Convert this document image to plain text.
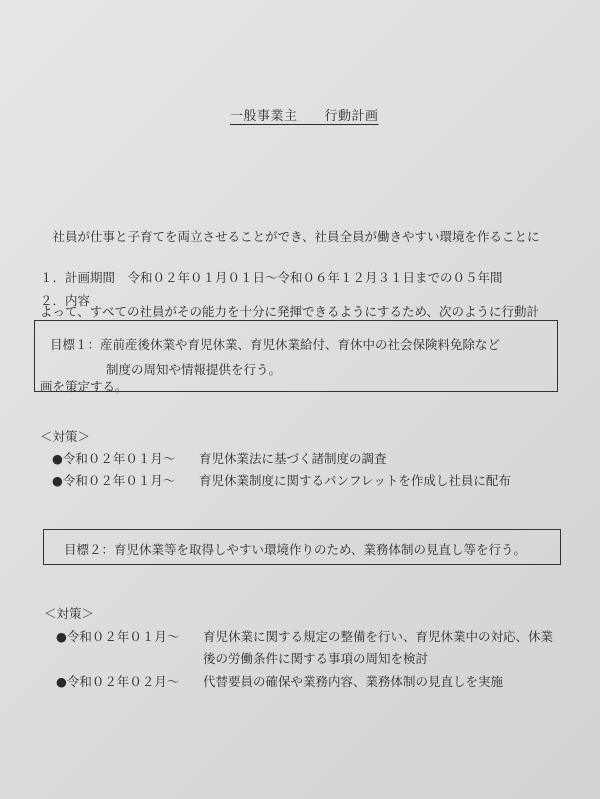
一般事業主　　行動計画

　社員が仕事と子育てを両立させることができ、社員全員が働きやすい環境を作ることに

よって、すべての社員がその能力を十分に発揮できるようにするため、次のように行動計

画を策定する。

１．計画期間　令和０２年０１月０１日～令和０６年１２月３１日までの０５年間
２．内容
目標１：産前産後休業や育児休業、育児休業給付、育休中の社会保険料免除など
制度の周知や情報提供を行う。
＜対策＞

●令和０２年０１月～

育児休業法に基づく諸制度の調査

●令和０２年０１月～

育児休業制度に関するパンフレットを作成し社員に配布

目標２：育児休業等を取得しやすい環境作りのため、業務体制の見直し等を行う。
＜対策＞

●令和０２年０１月～

育児休業に関する規定の整備を行い、育児休業中の対応、休業

後の労働条件に関する事項の周知を検討

●令和０２年０２月～

代替要員の確保や業務内容、業務体制の見直しを実施
